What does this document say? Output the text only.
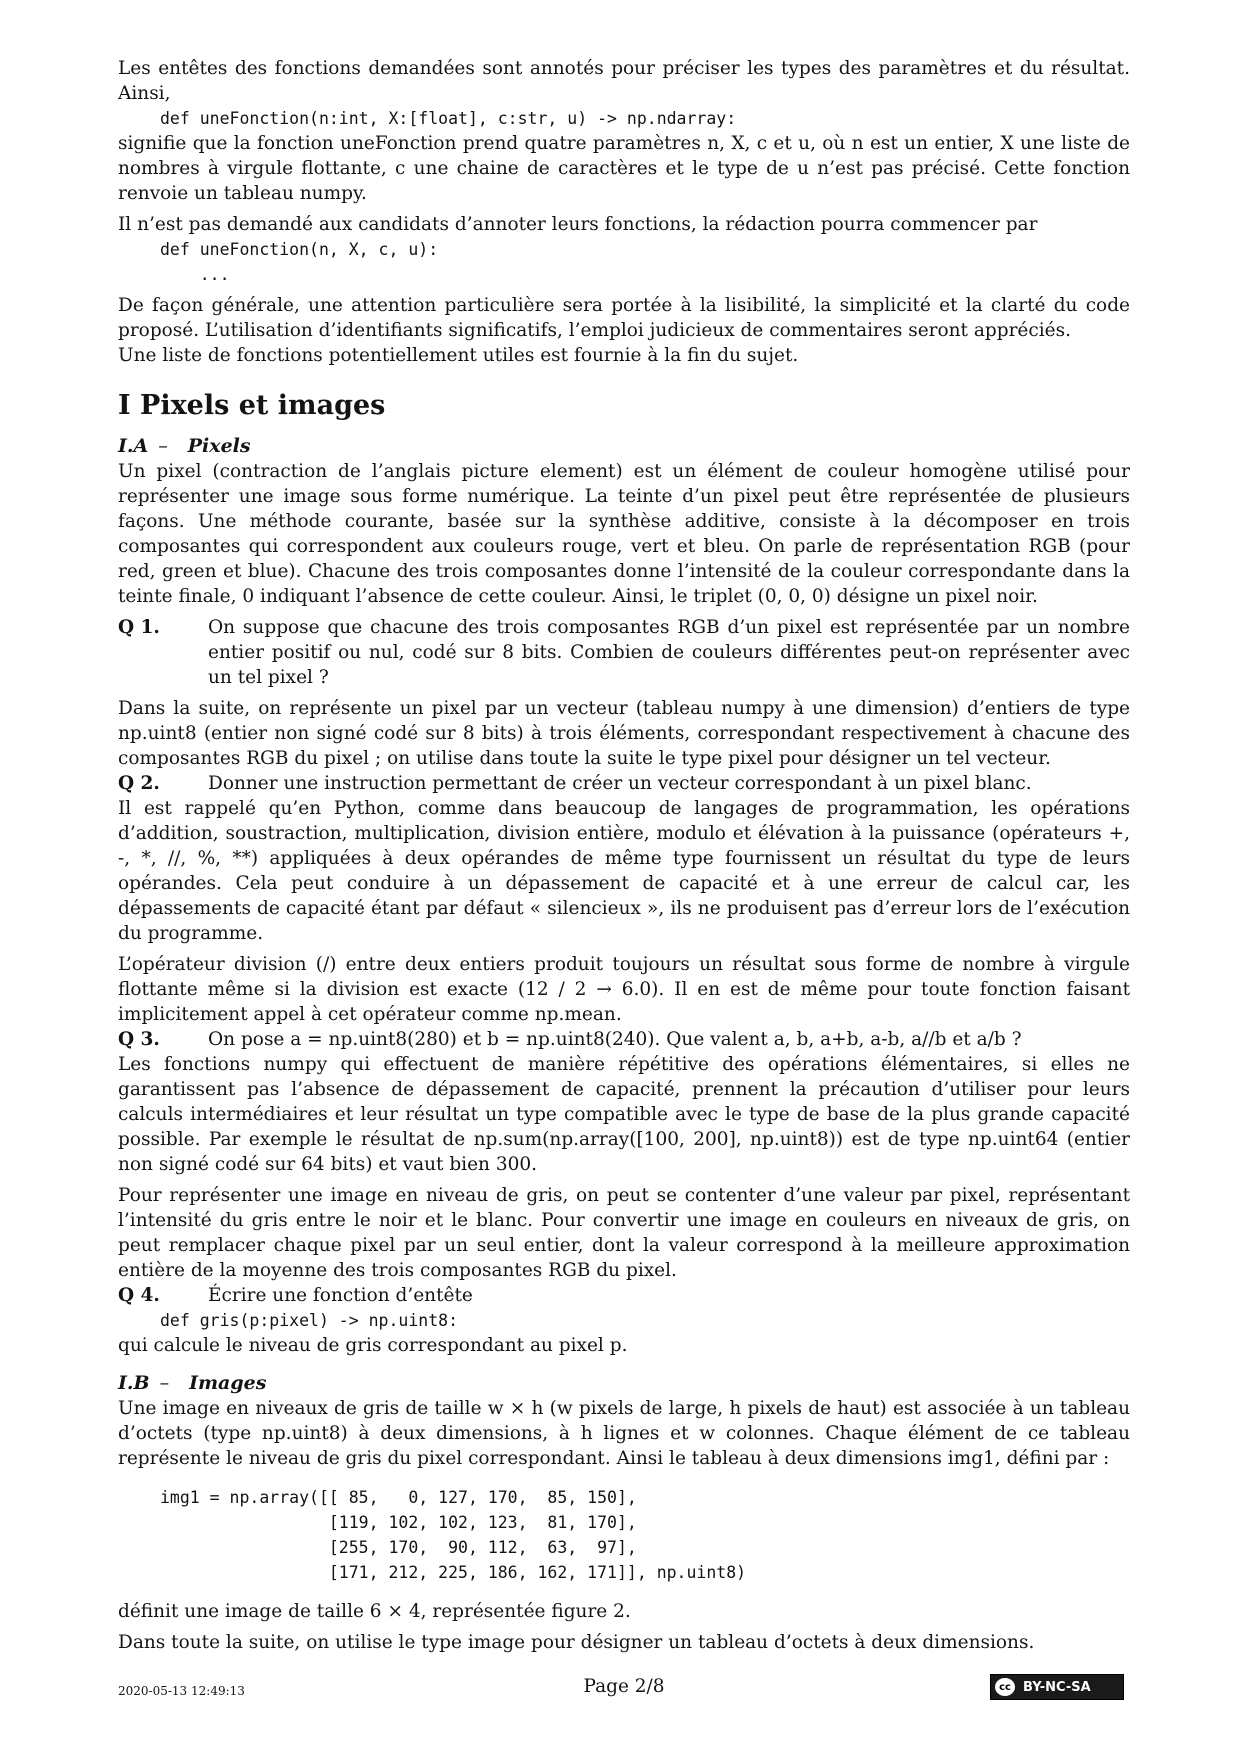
Les entêtes des fonctions demandées sont annotés pour préciser les types des paramètres et du résultat. Ainsi,

def uneFonction(n:int, X:[float], c:str, u) -> np.ndarray:

signifie que la fonction uneFonction prend quatre paramètres n, X, c et u, où n est un entier, X une liste de nombres à virgule flottante, c une chaine de caractères et le type de u n’est pas précisé. Cette fonction renvoie un tableau numpy.

Il n’est pas demandé aux candidats d’annoter leurs fonctions, la rédaction pourra commencer par

def uneFonction(n, X, c, u):
...

De façon générale, une attention particulière sera portée à la lisibilité, la simplicité et la clarté du code proposé. L’utilisation d’identifiants significatifs, l’emploi judicieux de commentaires seront appréciés.

Une liste de fonctions potentiellement utiles est fournie à la fin du sujet.

I Pixels et images
I.A – Pixels

Un pixel (contraction de l’anglais picture element) est un élément de couleur homogène utilisé pour représenter une image sous forme numérique. La teinte d’un pixel peut être représentée de plusieurs façons. Une méthode courante, basée sur la synthèse additive, consiste à la décomposer en trois composantes qui correspondent aux couleurs rouge, vert et bleu. On parle de représentation RGB (pour red, green et blue). Chacune des trois composantes donne l’intensité de la couleur correspondante dans la teinte finale, 0 indiquant l’absence de cette couleur. Ainsi, le triplet (0, 0, 0) désigne un pixel noir.

Q 1.	On suppose que chacune des trois composantes RGB d’un pixel est représentée par un nombre entier positif ou nul, codé sur 8 bits. Combien de couleurs différentes peut-on représenter avec un tel pixel ?

Dans la suite, on représente un pixel par un vecteur (tableau numpy à une dimension) d’entiers de type np.uint8 (entier non signé codé sur 8 bits) à trois éléments, correspondant respectivement à chacune des composantes RGB du pixel ; on utilise dans toute la suite le type pixel pour désigner un tel vecteur.

Q 2.	Donner une instruction permettant de créer un vecteur correspondant à un pixel blanc.

Il est rappelé qu’en Python, comme dans beaucoup de langages de programmation, les opérations d’addition, soustraction, multiplication, division entière, modulo et élévation à la puissance (opérateurs +, -, *, //, %, **) appliquées à deux opérandes de même type fournissent un résultat du type de leurs opérandes. Cela peut conduire à un dépassement de capacité et à une erreur de calcul car, les dépassements de capacité étant par défaut « silencieux », ils ne produisent pas d’erreur lors de l’exécution du programme.

L’opérateur division (/) entre deux entiers produit toujours un résultat sous forme de nombre à virgule flottante même si la division est exacte (12 / 2 → 6.0). Il en est de même pour toute fonction faisant implicitement appel à cet opérateur comme np.mean.

Q 3.	On pose a = np.uint8(280) et b = np.uint8(240). Que valent a, b, a+b, a-b, a//b et a/b ?

Les fonctions numpy qui effectuent de manière répétitive des opérations élémentaires, si elles ne garantissent pas l’absence de dépassement de capacité, prennent la précaution d’utiliser pour leurs calculs intermédiaires et leur résultat un type compatible avec le type de base de la plus grande capacité possible. Par exemple le résultat de np.sum(np.array([100, 200], np.uint8)) est de type np.uint64 (entier non signé codé sur 64 bits) et vaut bien 300.

Pour représenter une image en niveau de gris, on peut se contenter d’une valeur par pixel, représentant l’intensité du gris entre le noir et le blanc. Pour convertir une image en couleurs en niveaux de gris, on peut remplacer chaque pixel par un seul entier, dont la valeur correspond à la meilleure approximation entière de la moyenne des trois composantes RGB du pixel.

Q 4.	Écrire une fonction d’entête

def gris(p:pixel) -> np.uint8:

qui calcule le niveau de gris correspondant au pixel p.

I.B – Images

Une image en niveaux de gris de taille w × h (w pixels de large, h pixels de haut) est associée à un tableau d’octets (type np.uint8) à deux dimensions, à h lignes et w colonnes. Chaque élément de ce tableau représente le niveau de gris du pixel correspondant. Ainsi le tableau à deux dimensions img1, défini par :

img1 = np.array([[ 85,   0, 127, 170,  85, 150],
[119, 102, 102, 123,  81, 170],
[255, 170,  90, 112,  63,  97],
[171, 212, 225, 186, 162, 171]], np.uint8)

définit une image de taille 6 × 4, représentée figure 2.

Dans toute la suite, on utilise le type image pour désigner un tableau d’octets à deux dimensions.

2020-05-13 12:49:13	Page 2/8	cc BY-NC-SA
